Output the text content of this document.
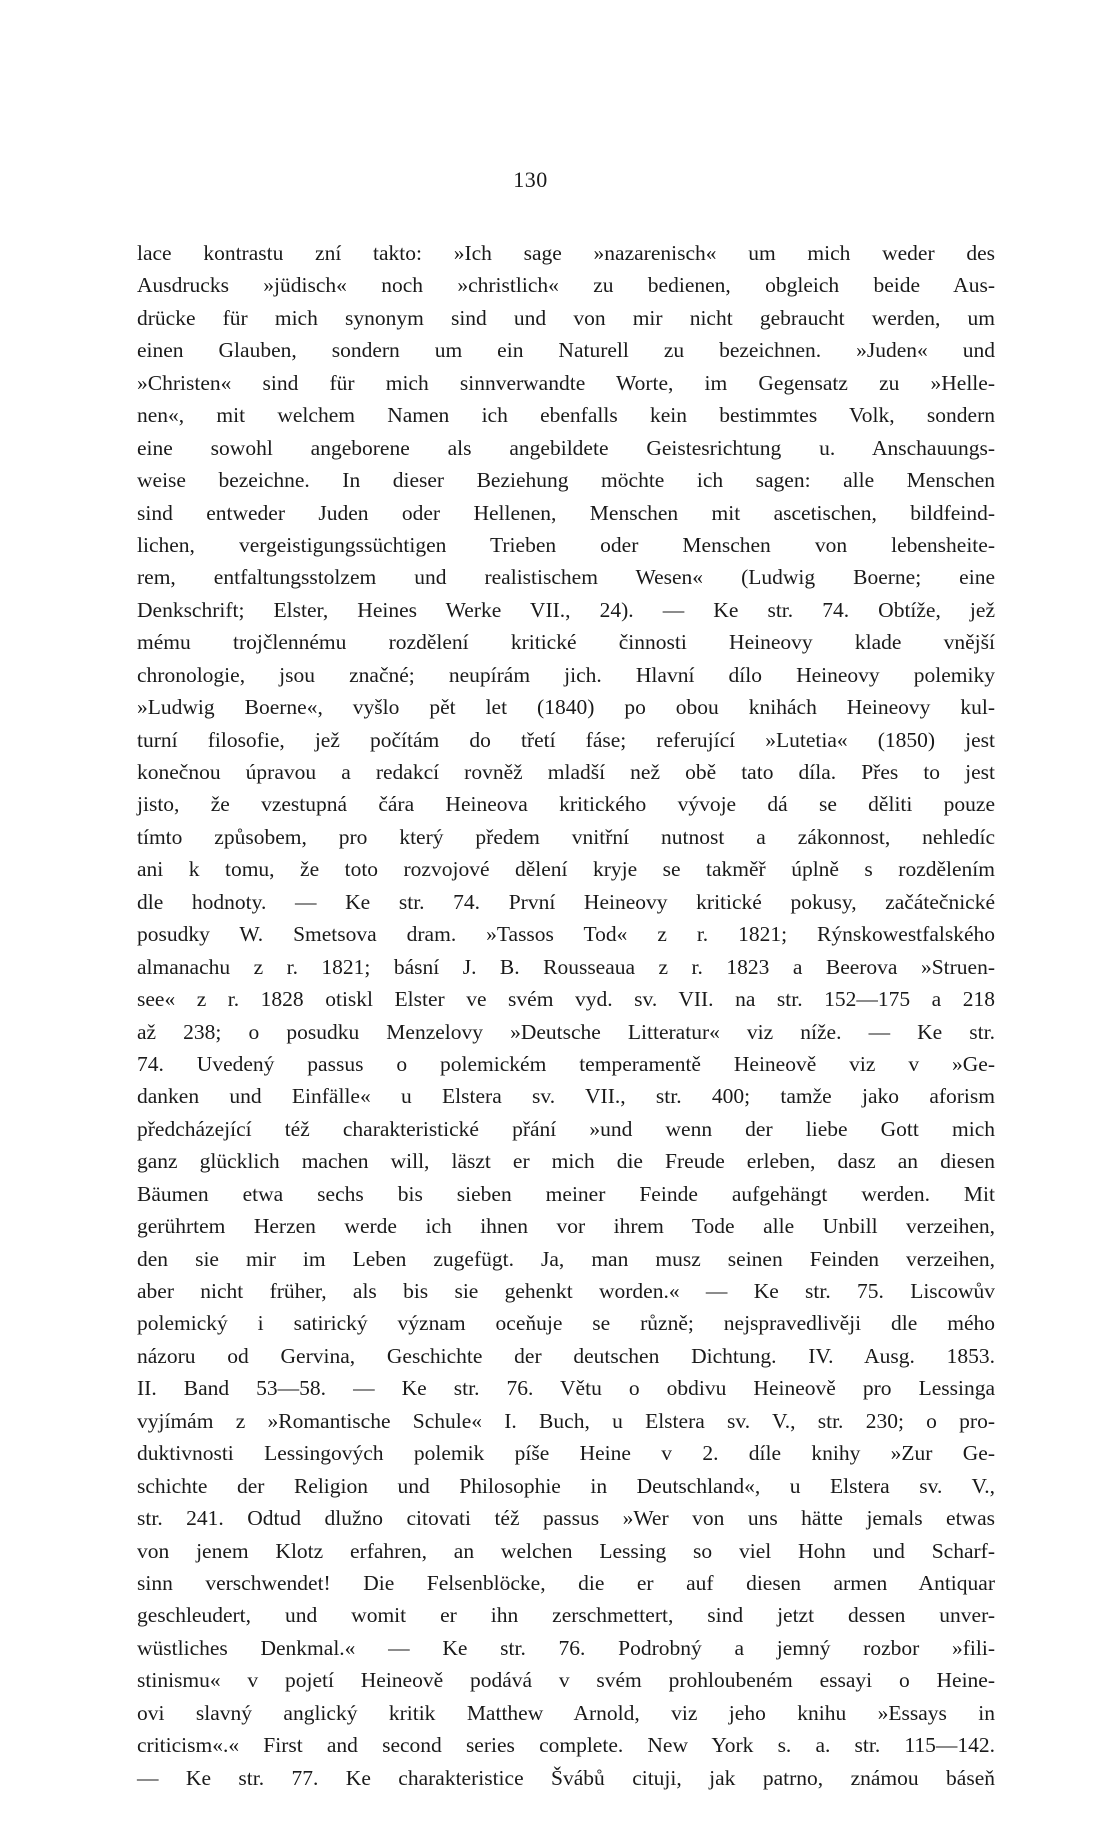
130
lace kontrastu zní takto: »Ich sage »nazarenisch« um mich weder des
Ausdrucks »jüdisch« noch »christlich« zu bedienen, obgleich beide Aus-
drücke für mich synonym sind und von mir nicht gebraucht werden, um
einen Glauben, sondern um ein Naturell zu bezeichnen. »Juden« und
»Christen« sind für mich sinnverwandte Worte, im Gegensatz zu »Helle-
nen«, mit welchem Namen ich ebenfalls kein bestimmtes Volk, sondern
eine sowohl angeborene als angebildete Geistesrichtung u. Anschauungs-
weise bezeichne. In dieser Beziehung möchte ich sagen: alle Menschen
sind entweder Juden oder Hellenen, Menschen mit ascetischen, bildfeind-
lichen, vergeistigungssüchtigen Trieben oder Menschen von lebensheite-
rem, entfaltungsstolzem und realistischem Wesen« (Ludwig Boerne; eine
Denkschrift; Elster, Heines Werke VII., 24). — Ke str. 74. Obtíže, jež
mému trojčlennému rozdělení kritické činnosti Heineovy klade vnější
chronologie, jsou značné; neupírám jich. Hlavní dílo Heineovy polemiky
»Ludwig Boerne«, vyšlo pět let (1840) po obou knihách Heineovy kul-
turní filosofie, jež počítám do třetí fáse; referující »Lutetia« (1850) jest
konečnou úpravou a redakcí rovněž mladší než obě tato díla. Přes to jest
jisto, že vzestupná čára Heineova kritického vývoje dá se děliti pouze
tímto způsobem, pro který předem vnitřní nutnost a zákonnost, nehledíc
ani k tomu, že toto rozvojové dělení kryje se takměř úplně s rozdělením
dle hodnoty. — Ke str. 74. První Heineovy kritické pokusy, začátečnické
posudky W. Smetsova dram. »Tassos Tod« z r. 1821; Rýnskowestfalského
almanachu z r. 1821; básní J. B. Rousseaua z r. 1823 a Beerova »Struen-
see« z r. 1828 otiskl Elster ve svém vyd. sv. VII. na str. 152—175 a 218
až 238; o posudku Menzelovy »Deutsche Litteratur« viz níže. — Ke str.
74. Uvedený passus o polemickém temperamentě Heineově viz v »Ge-
danken und Einfälle« u Elstera sv. VII., str. 400; tamže jako aforism
předcházející též charakteristické přání »und wenn der liebe Gott mich
ganz glücklich machen will, läszt er mich die Freude erleben, dasz an diesen
Bäumen etwa sechs bis sieben meiner Feinde aufgehängt werden. Mit
gerührtem Herzen werde ich ihnen vor ihrem Tode alle Unbill verzeihen,
den sie mir im Leben zugefügt. Ja, man musz seinen Feinden verzeihen,
aber nicht früher, als bis sie gehenkt worden.« — Ke str. 75. Liscowův
polemický i satirický význam oceňuje se různě; nejspravedlivěji dle mého
názoru od Gervina, Geschichte der deutschen Dichtung. IV. Ausg. 1853.
II. Band 53—58. — Ke str. 76. Větu o obdivu Heineově pro Lessinga
vyjímám z »Romantische Schule« I. Buch, u Elstera sv. V., str. 230; o pro-
duktivnosti Lessingových polemik píše Heine v 2. díle knihy »Zur Ge-
schichte der Religion und Philosophie in Deutschland«, u Elstera sv. V.,
str. 241. Odtud dlužno citovati též passus »Wer von uns hätte jemals etwas
von jenem Klotz erfahren, an welchen Lessing so viel Hohn und Scharf-
sinn verschwendet! Die Felsenblöcke, die er auf diesen armen Antiquar
geschleudert, und womit er ihn zerschmettert, sind jetzt dessen unver-
wüstliches Denkmal.« — Ke str. 76. Podrobný a jemný rozbor »fili-
stinismu« v pojetí Heineově podává v svém prohloubeném essayi o Heine-
ovi slavný anglický kritik Matthew Arnold, viz jeho knihu »Essays in
criticism«.« First and second series complete. New York s. a. str. 115—142.
— Ke str. 77. Ke charakteristice Švábů cituji, jak patrno, známou báseň
